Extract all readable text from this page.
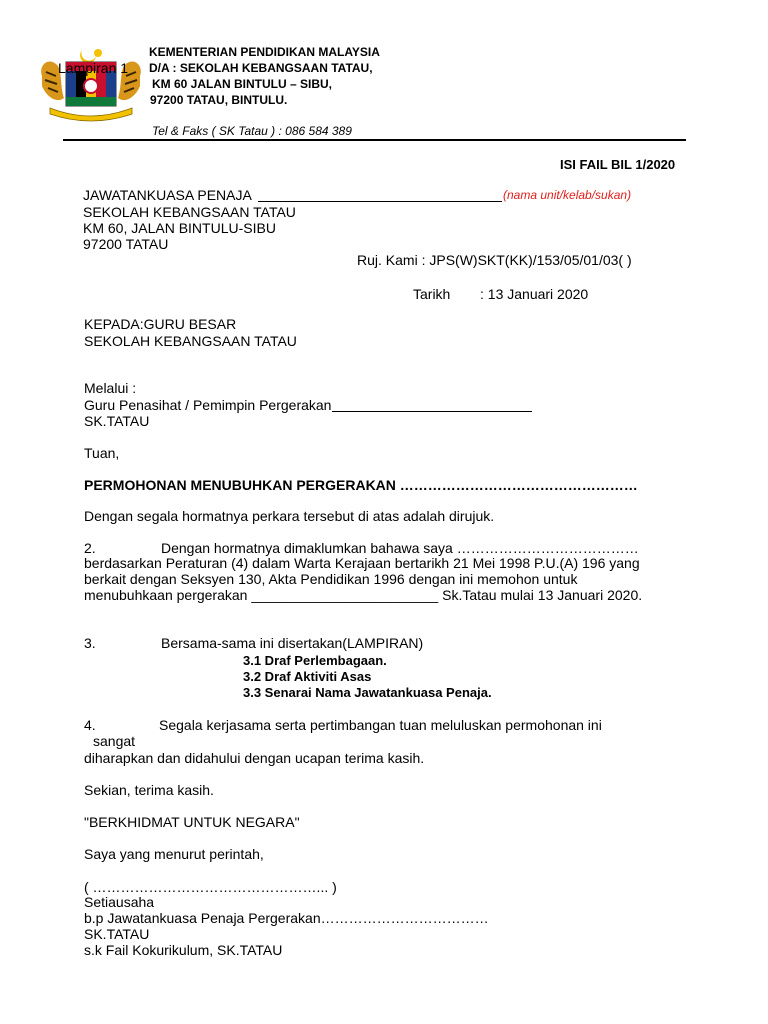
Lampiran 1
KEMENTERIAN PENDIDIKAN MALAYSIA
D/A : SEKOLAH KEBANGSAAN TATAU,
KM 60 JALAN BINTULU – SIBU,
97200 TATAU, BINTULU.
Tel & Faks ( SK Tatau ) : 086 584 389
ISI FAIL BIL 1/2020
JAWATANKUASA PENAJA	(nama unit/kelab/sukan)
SEKOLAH KEBANGSAAN TATAU
KM 60, JALAN BINTULU-SIBU
97200 TATAU
Ruj. Kami : JPS(W)SKT(KK)/153/05/01/03( )
Tarikh : 13 Januari 2020
KEPADA:GURU BESAR
SEKOLAH KEBANGSAAN TATAU
Melalui :
Guru Penasihat / Pemimpin Pergerakan
SK.TATAU
Tuan,
PERMOHONAN MENUBUHKAN PERGERAKAN ……………………………………………
Dengan segala hormatnya perkara tersebut di atas adalah dirujuk.
2.	Dengan hormatnya dimaklumkan bahawa saya …………………………………
berdasarkan Peraturan (4) dalam Warta Kerajaan bertarikh 21 Mei 1998 P.U.(A) 196 yang
berkait dengan Seksyen 130, Akta Pendidikan 1996 dengan ini memohon untuk
menubuhkaan pergerakan ________________________ Sk.Tatau mulai 13 Januari 2020.
3.	Bersama-sama ini disertakan(LAMPIRAN)
3.1 Draf Perlembagaan.
3.2 Draf Aktiviti Asas
3.3 Senarai Nama Jawatankuasa Penaja.
4.	Segala kerjasama serta pertimbangan tuan meluluskan permohonan ini
sangat
diharapkan dan didahului dengan ucapan terima kasih.
Sekian, terima kasih.
"BERKHIDMAT UNTUK NEGARA"
Saya yang menurut perintah,
( …………………………………………... )
Setiausaha
b.p Jawatankuasa Penaja Pergerakan………………………………
SK.TATAU
s.k Fail Kokurikulum, SK.TATAU
